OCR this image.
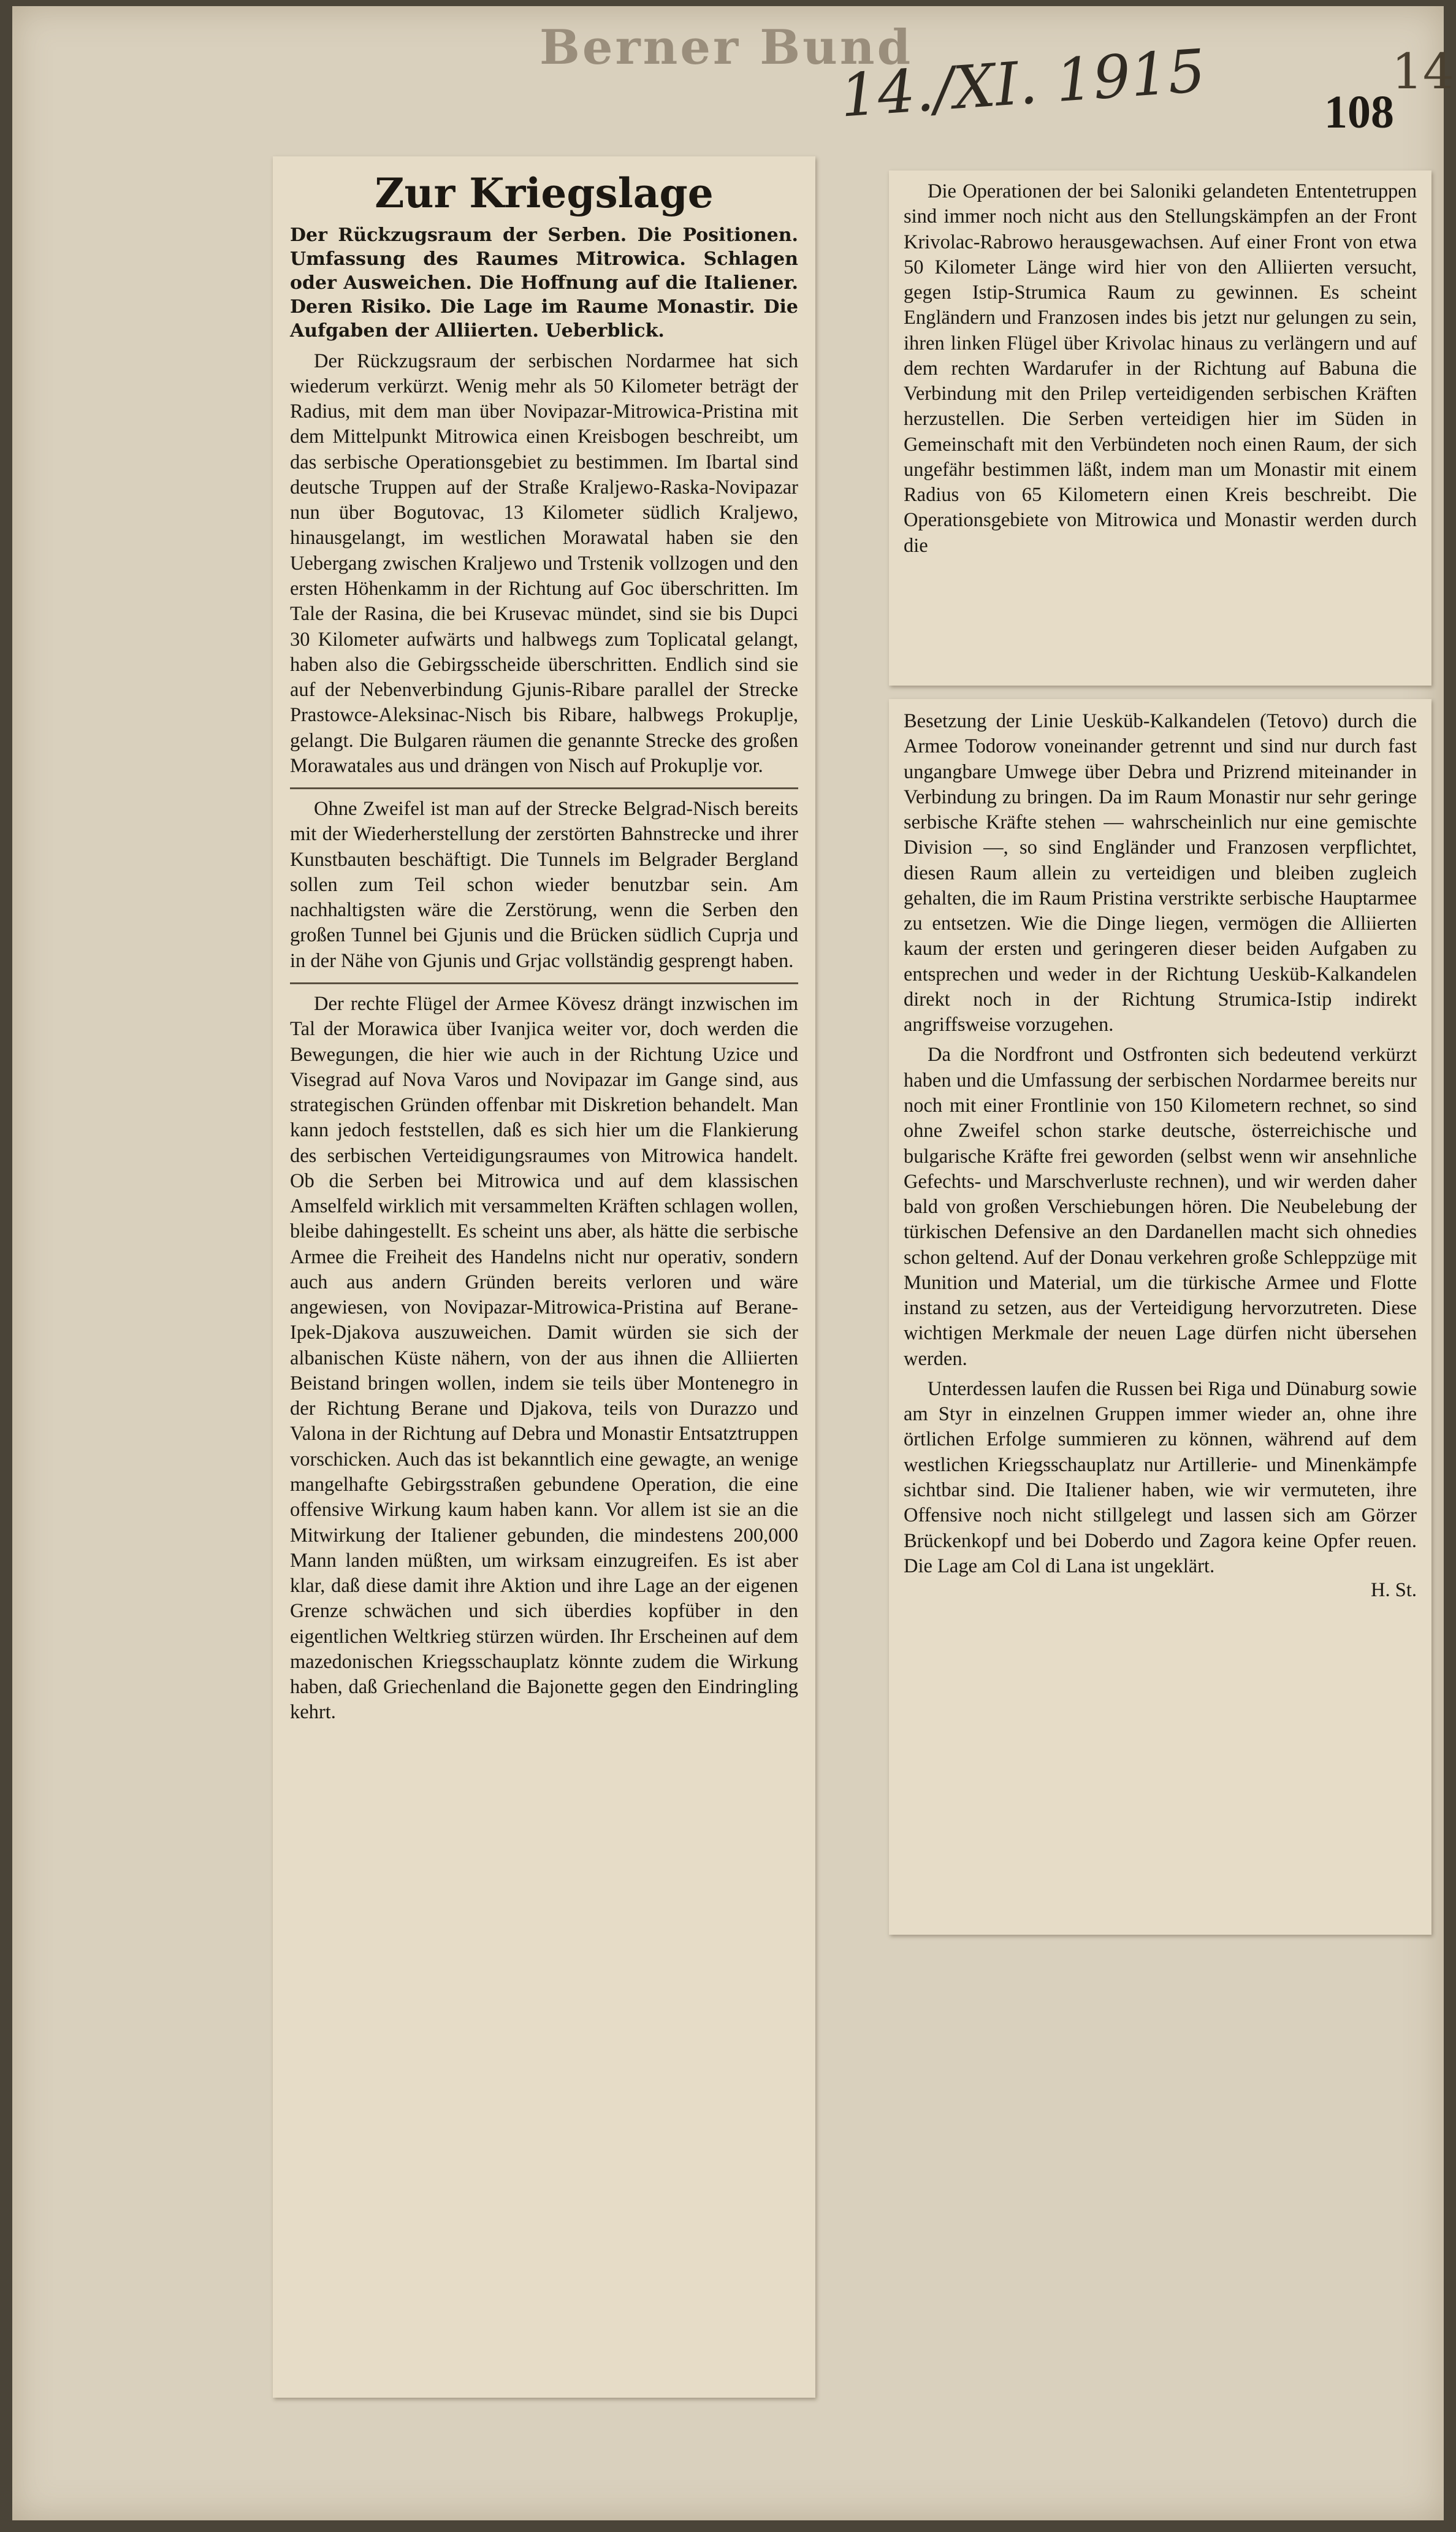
Berner Bund
14./XI. 1915	14
108
Zur Kriegslage
Der Rückzugsraum der Serben. Die Positionen. Umfassung des Raumes Mitrowica. Schlagen oder Ausweichen. Die Hoffnung auf die Italiener. Deren Risiko. Die Lage im Raume Monastir. Die Aufgaben der Alliierten. Ueberblick.

Der Rückzugsraum der serbischen Nordarmee hat sich wiederum verkürzt. Wenig mehr als 50 Kilometer beträgt der Radius, mit dem man über Novipazar-Mitrowica-Pristina mit dem Mittelpunkt Mitrowica einen Kreisbogen beschreibt, um das serbische Operationsgebiet zu bestimmen. Im Ibartal sind deutsche Truppen auf der Straße Kraljewo-Raska-Novipazar nun über Bogutovac, 13 Kilometer südlich Kraljewo, hinausgelangt, im westlichen Morawatal haben sie den Uebergang zwischen Kraljewo und Trstenik vollzogen und den ersten Höhenkamm in der Richtung auf Goc überschritten. Im Tale der Rasina, die bei Krusevac mündet, sind sie bis Dupci 30 Kilometer aufwärts und halbwegs zum Toplicatal gelangt, haben also die Gebirgsscheide überschritten. Endlich sind sie auf der Nebenverbindung Gjunis-Ribare parallel der Strecke Prastowce-Aleksinac-Nisch bis Ribare, halbwegs Prokuplje, gelangt. Die Bulgaren räumen die genannte Strecke des großen Morawatales aus und drängen von Nisch auf Prokuplje vor.

Ohne Zweifel ist man auf der Strecke Belgrad-Nisch bereits mit der Wiederherstellung der zerstörten Bahnstrecke und ihrer Kunstbauten beschäftigt. Die Tunnels im Belgrader Bergland sollen zum Teil schon wieder benutzbar sein. Am nachhaltigsten wäre die Zerstörung, wenn die Serben den großen Tunnel bei Gjunis und die Brücken südlich Cuprja und in der Nähe von Gjunis und Grjac vollständig gesprengt haben.

Der rechte Flügel der Armee Kövesz drängt inzwischen im Tal der Morawica über Ivanjica weiter vor, doch werden die Bewegungen, die hier wie auch in der Richtung Uzice und Visegrad auf Nova Varos und Novipazar im Gange sind, aus strategischen Gründen offenbar mit Diskretion behandelt. Man kann jedoch feststellen, daß es sich hier um die Flankierung des serbischen Verteidigungsraumes von Mitrowica handelt. Ob die Serben bei Mitrowica und auf dem klassischen Amselfeld wirklich mit versammelten Kräften schlagen wollen, bleibe dahingestellt. Es scheint uns aber, als hätte die serbische Armee die Freiheit des Handelns nicht nur operativ, sondern auch aus andern Gründen bereits verloren und wäre angewiesen, von Novipazar-Mitrowica-Pristina auf Berane-Ipek-Djakova auszuweichen. Damit würden sie sich der albanischen Küste nähern, von der aus ihnen die Alliierten Beistand bringen wollen, indem sie teils über Montenegro in der Richtung Berane und Djakova, teils von Durazzo und Valona in der Richtung auf Debra und Monastir Entsatztruppen vorschicken. Auch das ist bekanntlich eine gewagte, an wenige mangelhafte Gebirgsstraßen gebundene Operation, die eine offensive Wirkung kaum haben kann. Vor allem ist sie an die Mitwirkung der Italiener gebunden, die mindestens 200,000 Mann landen müßten, um wirksam einzugreifen. Es ist aber klar, daß diese damit ihre Aktion und ihre Lage an der eigenen Grenze schwächen und sich überdies kopfüber in den eigentlichen Weltkrieg stürzen würden. Ihr Erscheinen auf dem mazedonischen Kriegsschauplatz könnte zudem die Wirkung haben, daß Griechenland die Bajonette gegen den Eindringling kehrt.

Die Operationen der bei Saloniki gelandeten Ententetruppen sind immer noch nicht aus den Stellungskämpfen an der Front Krivolac-Rabrowo herausgewachsen. Auf einer Front von etwa 50 Kilometer Länge wird hier von den Alliierten versucht, gegen Istip-Strumica Raum zu gewinnen. Es scheint Engländern und Franzosen indes bis jetzt nur gelungen zu sein, ihren linken Flügel über Krivolac hinaus zu verlängern und auf dem rechten Wardarufer in der Richtung auf Babuna die Verbindung mit den Prilep verteidigenden serbischen Kräften herzustellen. Die Serben verteidigen hier im Süden in Gemeinschaft mit den Verbündeten noch einen Raum, der sich ungefähr bestimmen läßt, indem man um Monastir mit einem Radius von 65 Kilometern einen Kreis beschreibt. Die Operationsgebiete von Mitrowica und Monastir werden durch die

Besetzung der Linie Uesküb-Kalkandelen (Tetovo) durch die Armee Todorow voneinander getrennt und sind nur durch fast ungangbare Umwege über Debra und Prizrend miteinander in Verbindung zu bringen. Da im Raum Monastir nur sehr geringe serbische Kräfte stehen — wahrscheinlich nur eine gemischte Division —, so sind Engländer und Franzosen verpflichtet, diesen Raum allein zu verteidigen und bleiben zugleich gehalten, die im Raum Pristina verstrikte serbische Hauptarmee zu entsetzen. Wie die Dinge liegen, vermögen die Alliierten kaum der ersten und geringeren dieser beiden Aufgaben zu entsprechen und weder in der Richtung Uesküb-Kalkandelen direkt noch in der Richtung Strumica-Istip indirekt angriffsweise vorzugehen.

Da die Nordfront und Ostfronten sich bedeutend verkürzt haben und die Umfassung der serbischen Nordarmee bereits nur noch mit einer Frontlinie von 150 Kilometern rechnet, so sind ohne Zweifel schon starke deutsche, österreichische und bulgarische Kräfte frei geworden (selbst wenn wir ansehnliche Gefechts- und Marschverluste rechnen), und wir werden daher bald von großen Verschiebungen hören. Die Neubelebung der türkischen Defensive an den Dardanellen macht sich ohnedies schon geltend. Auf der Donau verkehren große Schleppzüge mit Munition und Material, um die türkische Armee und Flotte instand zu setzen, aus der Verteidigung hervorzutreten. Diese wichtigen Merkmale der neuen Lage dürfen nicht übersehen werden.

Unterdessen laufen die Russen bei Riga und Dünaburg sowie am Styr in einzelnen Gruppen immer wieder an, ohne ihre örtlichen Erfolge summieren zu können, während auf dem westlichen Kriegsschauplatz nur Artillerie- und Minenkämpfe sichtbar sind. Die Italiener haben, wie wir vermuteten, ihre Offensive noch nicht stillgelegt und lassen sich am Görzer Brückenkopf und bei Doberdo und Zagora keine Opfer reuen. Die Lage am Col di Lana ist ungeklärt.

H. St.
